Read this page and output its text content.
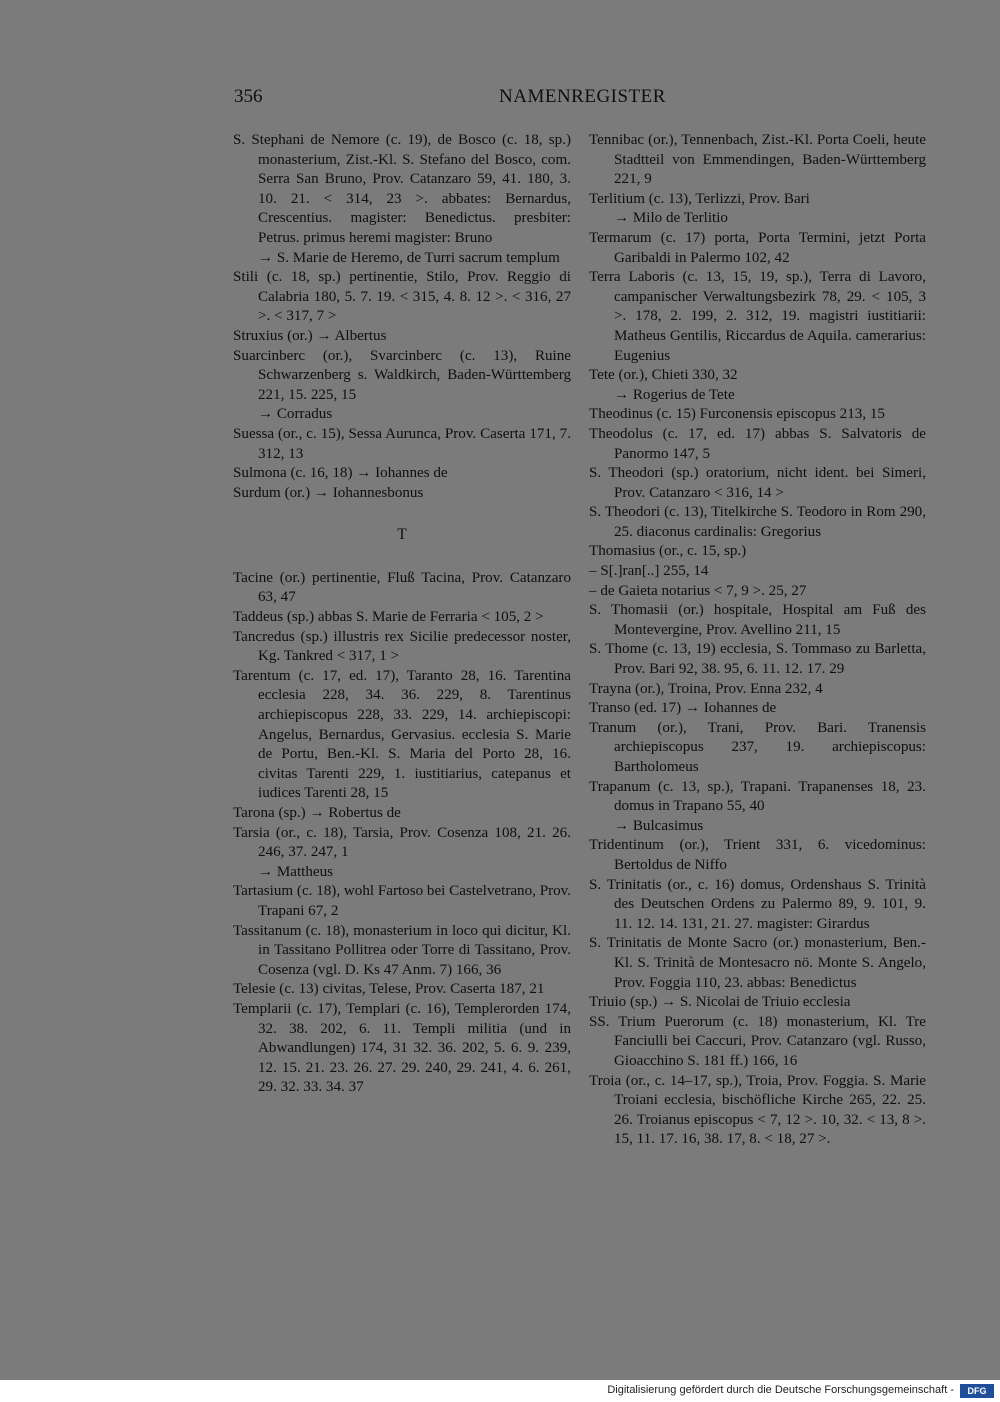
356	NAMENREGISTER

S. Stephani de Nemore (c. 19), de Bosco (c. 18, sp.) monasterium, Zist.-Kl. S. Stefano del Bosco, com. Serra San Bruno, Prov. Catanzaro 59, 41. 180, 3. 10. 21. < 314, 23 >. abbates: Bernardus, Crescentius. magister: Benedictus. presbiter: Petrus. primus heremi magister: Bruno

→ S. Marie de Heremo, de Turri sacrum templum

Stili (c. 18, sp.) pertinentie, Stilo, Prov. Reggio di Calabria 180, 5. 7. 19. < 315, 4. 8. 12 >. < 316, 27 >. < 317, 7 >

Struxius (or.) → Albertus

Suarcinberc (or.), Svarcinberc (c. 13), Ruine Schwarzenberg s. Waldkirch, Baden-Württemberg 221, 15. 225, 15

→ Corradus

Suessa (or., c. 15), Sessa Aurunca, Prov. Caserta 171, 7. 312, 13

Sulmona (c. 16, 18) → Iohannes de

Surdum (or.) → Iohannesbonus

T

Tacine (or.) pertinentie, Fluß Tacina, Prov. Catanzaro 63, 47

Taddeus (sp.) abbas S. Marie de Ferraria < 105, 2 >

Tancredus (sp.) illustris rex Sicilie predecessor noster, Kg. Tankred < 317, 1 >

Tarentum (c. 17, ed. 17), Taranto 28, 16. Tarentina ecclesia 228, 34. 36. 229, 8. Tarentinus archiepiscopus 228, 33. 229, 14. archiepiscopi: Angelus, Bernardus, Gervasius. ecclesia S. Marie de Portu, Ben.-Kl. S. Maria del Porto 28, 16. civitas Tarenti 229, 1. iustitiarius, catepanus et iudices Tarenti 28, 15

Tarona (sp.) → Robertus de

Tarsia (or., c. 18), Tarsia, Prov. Cosenza 108, 21. 26. 246, 37. 247, 1

→ Mattheus

Tartasium (c. 18), wohl Fartoso bei Castelvetrano, Prov. Trapani 67, 2

Tassitanum (c. 18), monasterium in loco qui dicitur, Kl. in Tassitano Pollitrea oder Torre di Tassitano, Prov. Cosenza (vgl. D. Ks 47 Anm. 7) 166, 36

Telesie (c. 13) civitas, Telese, Prov. Caserta 187, 21

Templarii (c. 17), Templari (c. 16), Templerorden 174, 32. 38. 202, 6. 11. Templi militia (und in Abwandlungen) 174, 31 32. 36. 202, 5. 6. 9. 239, 12. 15. 21. 23. 26. 27. 29. 240, 29. 241, 4. 6. 261, 29. 32. 33. 34. 37

Tennibac (or.), Tennenbach, Zist.-Kl. Porta Coeli, heute Stadtteil von Emmendingen, Baden-Württemberg 221, 9

Terlitium (c. 13), Terlizzi, Prov. Bari

→ Milo de Terlitio

Termarum (c. 17) porta, Porta Termini, jetzt Porta Garibaldi in Palermo 102, 42

Terra Laboris (c. 13, 15, 19, sp.), Terra di Lavoro, campanischer Verwaltungsbezirk 78, 29. < 105, 3 >. 178, 2. 199, 2. 312, 19. magistri iustitiarii: Matheus Gentilis, Riccardus de Aquila. camerarius: Eugenius

Tete (or.), Chieti 330, 32

→ Rogerius de Tete

Theodinus (c. 15) Furconensis episcopus 213, 15

Theodolus (c. 17, ed. 17) abbas S. Salvatoris de Panormo 147, 5

S. Theodori (sp.) oratorium, nicht ident. bei Simeri, Prov. Catanzaro < 316, 14 >

S. Theodori (c. 13), Titelkirche S. Teodoro in Rom 290, 25. diaconus cardinalis: Gregorius

Thomasius (or., c. 15, sp.)

– S[.]ran[..] 255, 14

– de Gaieta notarius < 7, 9 >. 25, 27

S. Thomasii (or.) hospitale, Hospital am Fuß des Montevergine, Prov. Avellino 211, 15

S. Thome (c. 13, 19) ecclesia, S. Tommaso zu Barletta, Prov. Bari 92, 38. 95, 6. 11. 12. 17. 29

Trayna (or.), Troina, Prov. Enna 232, 4

Transo (ed. 17) → Iohannes de

Tranum (or.), Trani, Prov. Bari. Tranensis archiepiscopus 237, 19. archiepiscopus: Bartholomeus

Trapanum (c. 13, sp.), Trapani. Trapanenses 18, 23. domus in Trapano 55, 40

→ Bulcasimus

Tridentinum (or.), Trient 331, 6. vicedominus: Bertoldus de Niffo

S. Trinitatis (or., c. 16) domus, Ordenshaus S. Trinità des Deutschen Ordens zu Palermo 89, 9. 101, 9. 11. 12. 14. 131, 21. 27. magister: Girardus

S. Trinitatis de Monte Sacro (or.) monasterium, Ben.-Kl. S. Trinità de Montesacro nö. Monte S. Angelo, Prov. Foggia 110, 23. abbas: Benedictus

Triuio (sp.) → S. Nicolai de Triuio ecclesia

SS. Trium Puerorum (c. 18) monasterium, Kl. Tre Fanciulli bei Caccuri, Prov. Catanzaro (vgl. Russo, Gioacchino S. 181 ff.) 166, 16

Troia (or., c. 14–17, sp.), Troia, Prov. Foggia. S. Marie Troiani ecclesia, bischöfliche Kirche 265, 22. 25. 26. Troianus episcopus < 7, 12 >. 10, 32. < 13, 8 >. 15, 11. 17. 16, 38. 17, 8. < 18, 27 >.

Digitalisierung gefördert durch die Deutsche Forschungsgemeinschaft -	DFG
